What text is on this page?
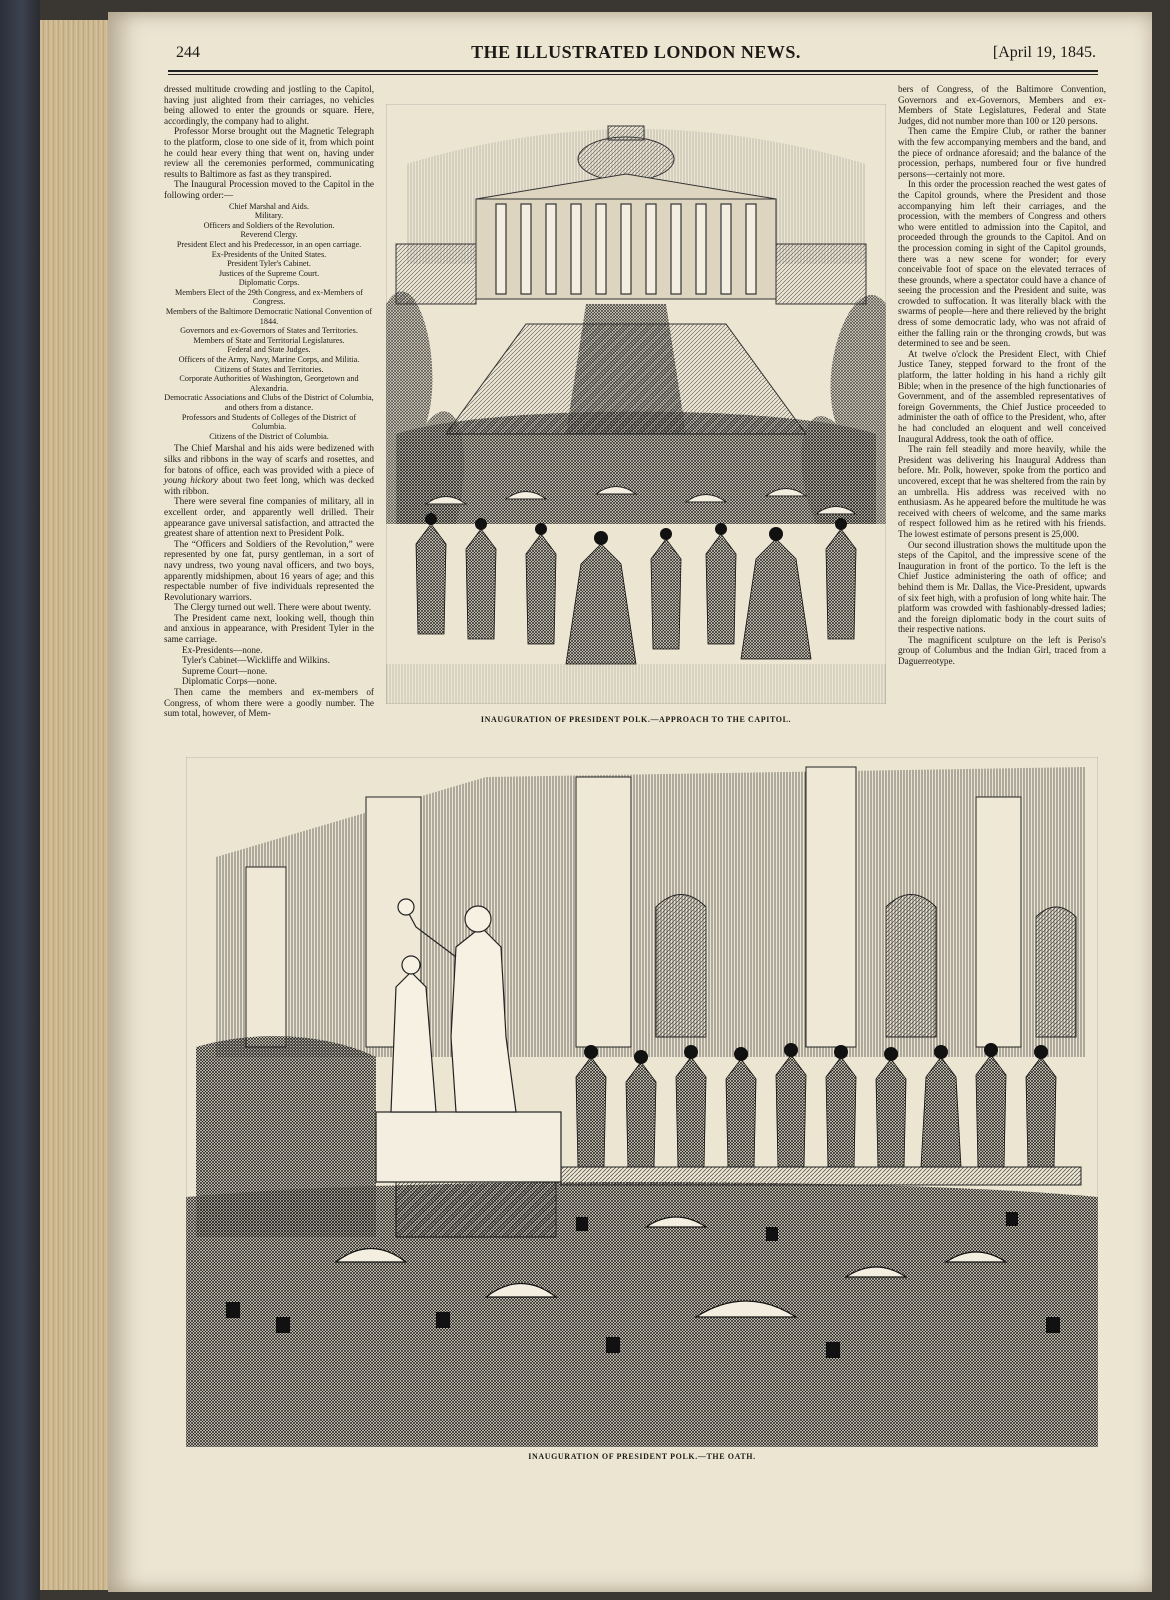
244	THE ILLUSTRATED LONDON NEWS.	[April 19, 1845.

dressed multitude crowding and jostling to the Capitol, having just alighted from their carriages, no vehicles being allowed to enter the grounds or square. Here, accordingly, the company had to alight.

Professor Morse brought out the Magnetic Telegraph to the platform, close to one side of it, from which point he could hear every thing that went on, having under review all the ceremonies performed, communicating results to Baltimore as fast as they transpired.

The Inaugural Procession moved to the Capitol in the following order:—

Chief Marshal and Aids.
Military.
Officers and Soldiers of the Revolution.
Reverend Clergy.
President Elect and his Predecessor, in an open carriage.
Ex-Presidents of the United States.
President Tyler's Cabinet.
Justices of the Supreme Court.
Diplomatic Corps.
Members Elect of the 29th Congress, and ex-Members of Congress.
Members of the Baltimore Democratic National Convention of 1844.
Governors and ex-Governors of States and Territories.
Members of State and Territorial Legislatures.
Federal and State Judges.
Officers of the Army, Navy, Marine Corps, and Militia.
Citizens of States and Territories.
Corporate Authorities of Washington, Georgetown and Alexandria.
Democratic Associations and Clubs of the District of Columbia, and others from a distance.
Professors and Students of Colleges of the District of Columbia.
Citizens of the District of Columbia.

The Chief Marshal and his aids were bedizened with silks and ribbons in the way of scarfs and rosettes, and for batons of office, each was provided with a piece of young hickory about two feet long, which was decked with ribbon.

There were several fine companies of military, all in excellent order, and apparently well drilled. Their appearance gave universal satisfaction, and attracted the greatest share of attention next to President Polk.

The “Officers and Soldiers of the Revolution,” were represented by one fat, pursy gentleman, in a sort of navy undress, two young naval officers, and two boys, apparently midshipmen, about 16 years of age; and this respectable number of five individuals represented the Revolutionary warriors.

The Clergy turned out well. There were about twenty.

The President came next, looking well, though thin and anxious in appearance, with President Tyler in the same carriage.

Ex-Presidents—none.

Tyler's Cabinet—Wickliffe and Wilkins.

Supreme Court—none.

Diplomatic Corps—none.

Then came the members and ex-members of Congress, of whom there were a goodly number. The sum total, however, of Mem-

INAUGURATION OF PRESIDENT POLK.—APPROACH TO THE CAPITOL.

bers of Congress, of the Baltimore Convention, Governors and ex-Governors, Members and ex-Members of State Legislatures, Federal and State Judges, did not number more than 100 or 120 persons.

Then came the Empire Club, or rather the banner with the few accompanying members and the band, and the piece of ordnance aforesaid; and the balance of the procession, perhaps, numbered four or five hundred persons—certainly not more.

In this order the procession reached the west gates of the Capitol grounds, where the President and those accompanying him left their carriages, and the procession, with the members of Congress and others who were entitled to admission into the Capitol, and proceeded through the grounds to the Capitol. And on the procession coming in sight of the Capitol grounds, there was a new scene for wonder; for every conceivable foot of space on the elevated terraces of these grounds, where a spectator could have a chance of seeing the procession and the President and suite, was crowded to suffocation. It was literally black with the swarms of people—here and there relieved by the bright dress of some democratic lady, who was not afraid of either the falling rain or the thronging crowds, but was determined to see and be seen.

At twelve o'clock the President Elect, with Chief Justice Taney, stepped forward to the front of the platform, the latter holding in his hand a richly gilt Bible; when in the presence of the high functionaries of Government, and of the assembled representatives of foreign Governments, the Chief Justice proceeded to administer the oath of office to the President, who, after he had concluded an eloquent and well conceived Inaugural Address, took the oath of office.

The rain fell steadily and more heavily, while the President was delivering his Inaugural Address than before. Mr. Polk, however, spoke from the portico and uncovered, except that he was sheltered from the rain by an umbrella. His address was received with no enthusiasm. As he appeared before the multitude he was received with cheers of welcome, and the same marks of respect followed him as he retired with his friends. The lowest estimate of persons present is 25,000.

Our second illustration shows the multitude upon the steps of the Capitol, and the impressive scene of the Inauguration in front of the portico. To the left is the Chief Justice administering the oath of office; and behind them is Mr. Dallas, the Vice-President, upwards of six feet high, with a profusion of long white hair. The platform was crowded with fashionably-dressed ladies; and the foreign diplomatic body in the court suits of their respective nations.

The magnificent sculpture on the left is Periso's group of Columbus and the Indian Girl, traced from a Daguerreotype.

INAUGURATION OF PRESIDENT POLK.—THE OATH.
